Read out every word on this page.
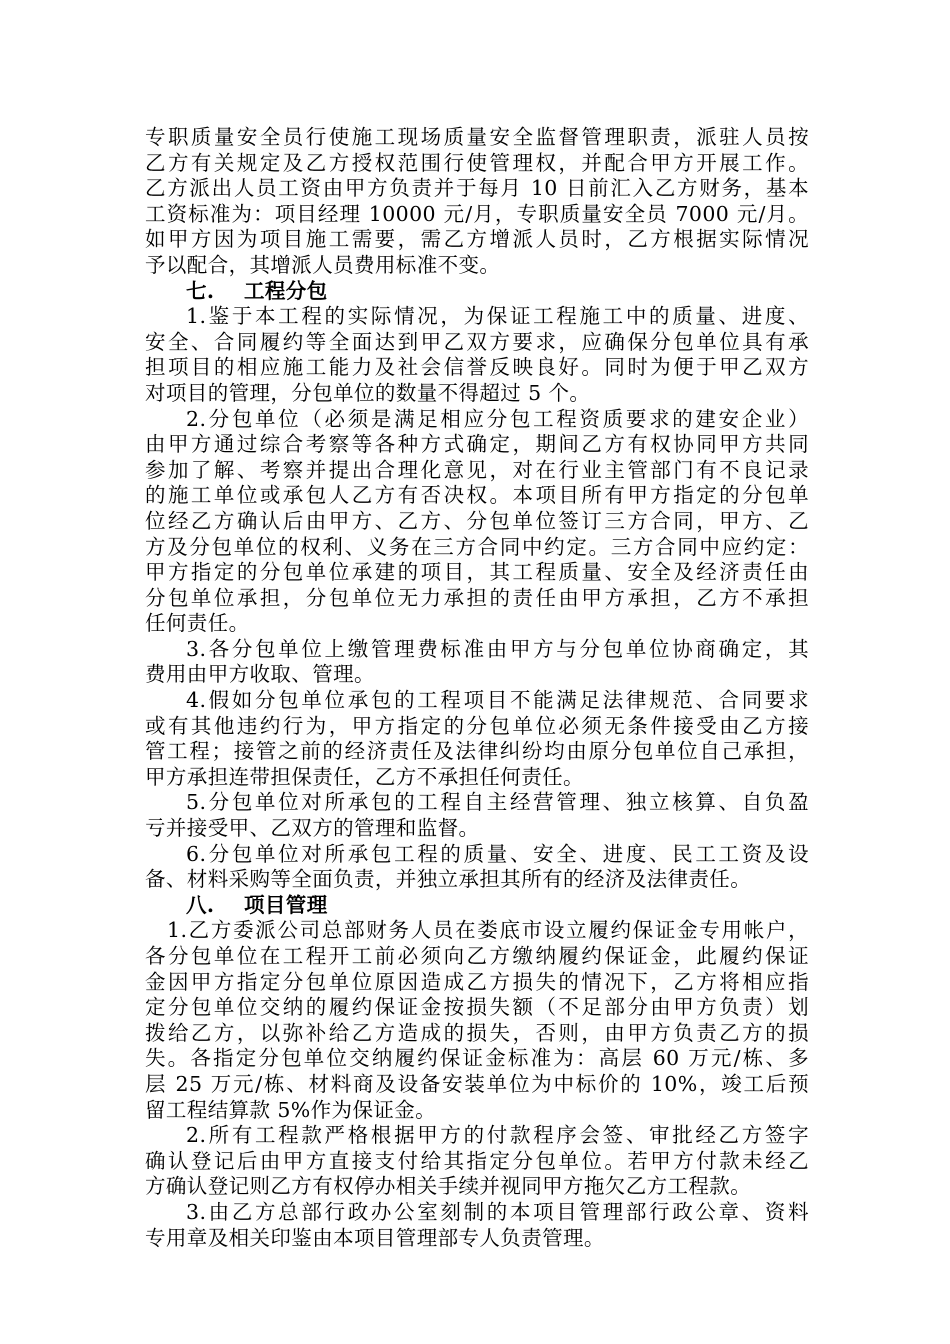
专职质量安全员行使施工现场质量安全监督管理职责，派驻人员按
乙方有关规定及乙方授权范围行使管理权，并配合甲方开展工作。
乙方派出人员工资由甲方负责并于每月 10 日前汇入乙方财务，基本
工资标准为：项目经理 10000 元/月，专职质量安全员 7000 元/月。
如甲方因为项目施工需要，需乙方增派人员时，乙方根据实际情况
予以配合，其增派人员费用标准不变。
七. 工程分包
1.鉴于本工程的实际情况，为保证工程施工中的质量、进度、
安全、合同履约等全面达到甲乙双方要求，应确保分包单位具有承
担项目的相应施工能力及社会信誉反映良好。同时为便于甲乙双方
对项目的管理，分包单位的数量不得超过 5 个。
2.分包单位（必须是满足相应分包工程资质要求的建安企业）
由甲方通过综合考察等各种方式确定，期间乙方有权协同甲方共同
参加了解、考察并提出合理化意见，对在行业主管部门有不良记录
的施工单位或承包人乙方有否决权。本项目所有甲方指定的分包单
位经乙方确认后由甲方、乙方、分包单位签订三方合同，甲方、乙
方及分包单位的权利、义务在三方合同中约定。三方合同中应约定：
甲方指定的分包单位承建的项目，其工程质量、安全及经济责任由
分包单位承担，分包单位无力承担的责任由甲方承担，乙方不承担
任何责任。
3.各分包单位上缴管理费标准由甲方与分包单位协商确定，其
费用由甲方收取、管理。
4.假如分包单位承包的工程项目不能满足法律规范、合同要求
或有其他违约行为，甲方指定的分包单位必须无条件接受由乙方接
管工程；接管之前的经济责任及法律纠纷均由原分包单位自己承担，
甲方承担连带担保责任，乙方不承担任何责任。
5.分包单位对所承包的工程自主经营管理、独立核算、自负盈
亏并接受甲、乙双方的管理和监督。
6.分包单位对所承包工程的质量、安全、进度、民工工资及设
备、材料采购等全面负责，并独立承担其所有的经济及法律责任。
八. 项目管理
1.乙方委派公司总部财务人员在娄底市设立履约保证金专用帐户，
各分包单位在工程开工前必须向乙方缴纳履约保证金，此履约保证
金因甲方指定分包单位原因造成乙方损失的情况下，乙方将相应指
定分包单位交纳的履约保证金按损失额（不足部分由甲方负责）划
拨给乙方，以弥补给乙方造成的损失，否则，由甲方负责乙方的损
失。各指定分包单位交纳履约保证金标准为：高层 60 万元/栋、多
层 25 万元/栋、材料商及设备安装单位为中标价的 10%，竣工后预
留工程结算款 5%作为保证金。
2.所有工程款严格根据甲方的付款程序会签、审批经乙方签字
确认登记后由甲方直接支付给其指定分包单位。若甲方付款未经乙
方确认登记则乙方有权停办相关手续并视同甲方拖欠乙方工程款。
3.由乙方总部行政办公室刻制的本项目管理部行政公章、资料
专用章及相关印鉴由本项目管理部专人负责管理。
